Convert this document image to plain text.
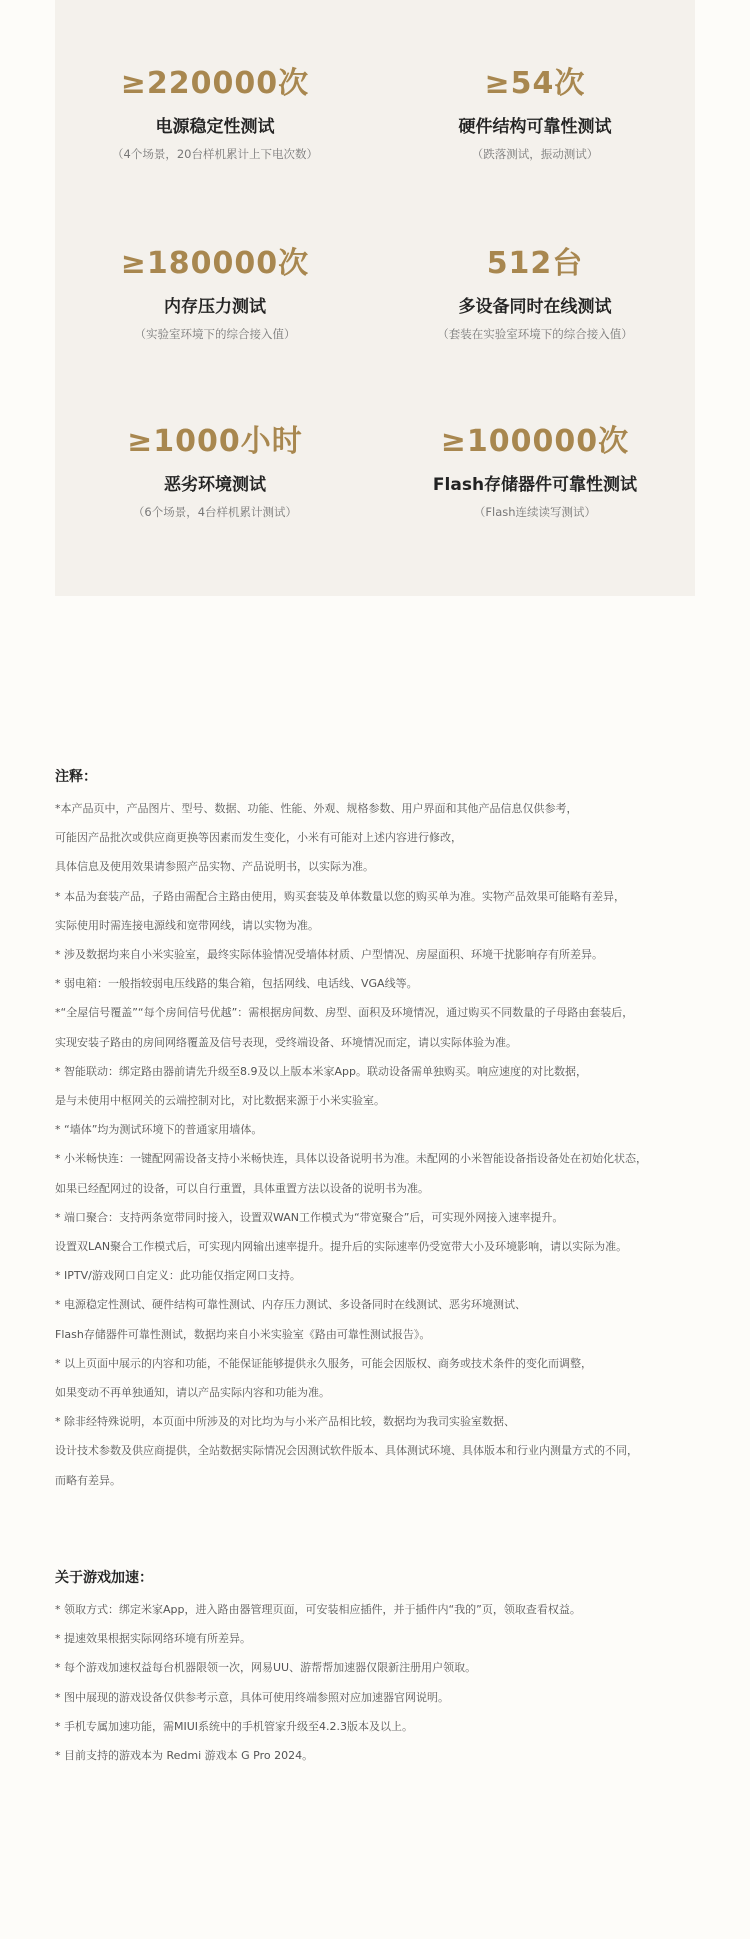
≥220000次
电源稳定性测试
（4个场景，20台样机累计上下电次数）
≥54次
硬件结构可靠性测试
（跌落测试，振动测试）
≥180000次
内存压力测试
（实验室环境下的综合接入值）
512台
多设备同时在线测试
（套装在实验室环境下的综合接入值）
≥1000小时
恶劣环境测试
（6个场景，4台样机累计测试）
≥100000次
Flash存储器件可靠性测试
（Flash连续读写测试）
注释：
*本产品页中，产品图片、型号、数据、功能、性能、外观、规格参数、用户界面和其他产品信息仅供参考，
可能因产品批次或供应商更换等因素而发生变化，小米有可能对上述内容进行修改，
具体信息及使用效果请参照产品实物、产品说明书，以实际为准。
* 本品为套装产品，子路由需配合主路由使用，购买套装及单体数量以您的购买单为准。实物产品效果可能略有差异，
实际使用时需连接电源线和宽带网线，请以实物为准。
* 涉及数据均来自小米实验室，最终实际体验情况受墙体材质、户型情况、房屋面积、环境干扰影响存有所差异。
* 弱电箱：一般指较弱电压线路的集合箱，包括网线、电话线、VGA线等。
*“全屋信号覆盖”“每个房间信号优越”：需根据房间数、房型、面积及环境情况，通过购买不同数量的子母路由套装后，
实现安装子路由的房间网络覆盖及信号表现，受终端设备、环境情况而定，请以实际体验为准。
* 智能联动：绑定路由器前请先升级至8.9及以上版本米家App。联动设备需单独购买。响应速度的对比数据，
是与未使用中枢网关的云端控制对比，对比数据来源于小米实验室。
* “墙体”均为测试环境下的普通家用墙体。
* 小米畅快连：一键配网需设备支持小米畅快连，具体以设备说明书为准。未配网的小米智能设备指设备处在初始化状态，
如果已经配网过的设备，可以自行重置，具体重置方法以设备的说明书为准。
* 端口聚合：支持两条宽带同时接入，设置双WAN工作模式为“带宽聚合”后，可实现外网接入速率提升。
设置双LAN聚合工作模式后，可实现内网输出速率提升。提升后的实际速率仍受宽带大小及环境影响，请以实际为准。
* IPTV/游戏网口自定义：此功能仅指定网口支持。
* 电源稳定性测试、硬件结构可靠性测试、内存压力测试、多设备同时在线测试、恶劣环境测试、
Flash存储器件可靠性测试，数据均来自小米实验室《路由可靠性测试报告》。
* 以上页面中展示的内容和功能，不能保证能够提供永久服务，可能会因版权、商务或技术条件的变化而调整，
如果变动不再单独通知，请以产品实际内容和功能为准。
* 除非经特殊说明，本页面中所涉及的对比均为与小米产品相比较，数据均为我司实验室数据、
设计技术参数及供应商提供，全站数据实际情况会因测试软件版本、具体测试环境、具体版本和行业内测量方式的不同，
而略有差异。
关于游戏加速：
* 领取方式：绑定米家App，进入路由器管理页面，可安装相应插件，并于插件内“我的”页，领取查看权益。
* 提速效果根据实际网络环境有所差异。
* 每个游戏加速权益每台机器限领一次，网易UU、游帮帮加速器仅限新注册用户领取。
* 图中展现的游戏设备仅供参考示意，具体可使用终端参照对应加速器官网说明。
* 手机专属加速功能，需MIUI系统中的手机管家升级至4.2.3版本及以上。
* 目前支持的游戏本为 Redmi 游戏本 G Pro 2024。
